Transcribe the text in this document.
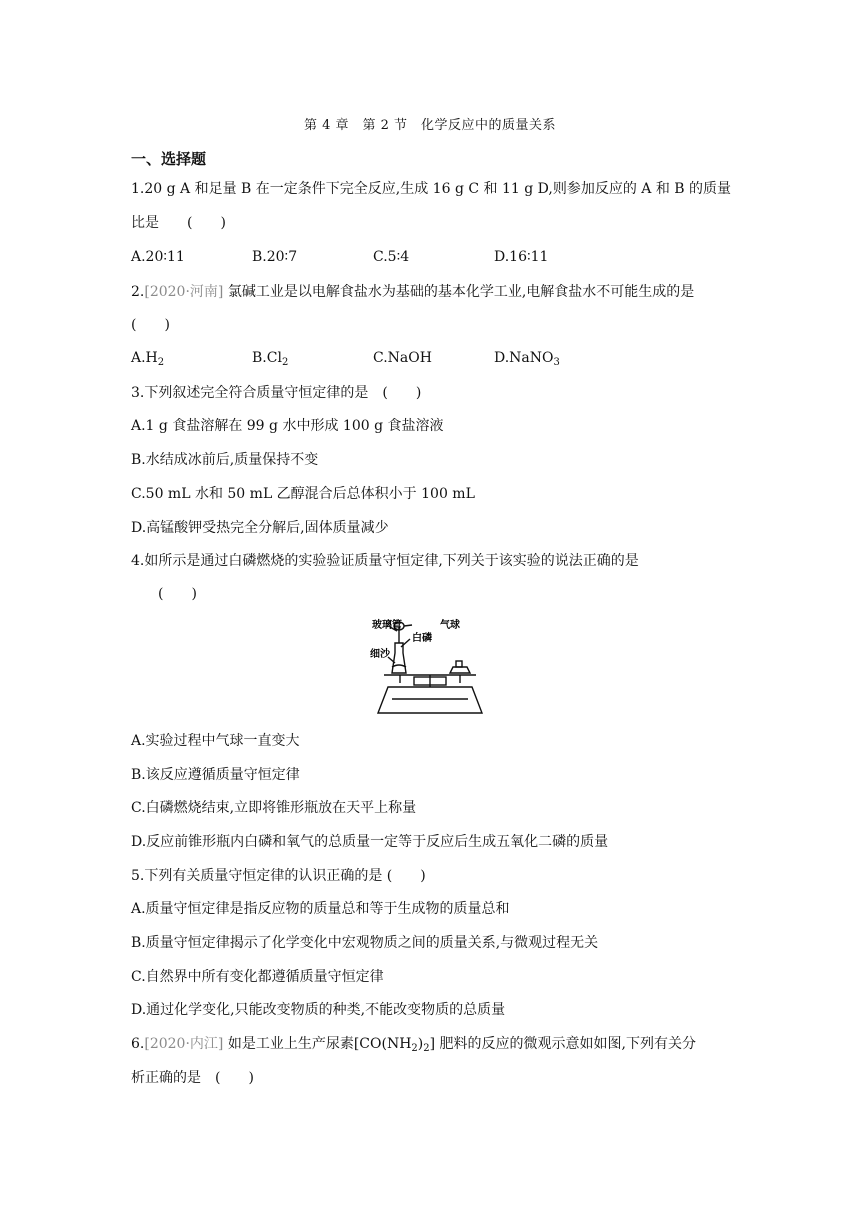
第 4 章　第 2 节　化学反应中的质量关系
一、选择题
1.20 g A 和足量 B 在一定条件下完全反应,生成 16 g C 和 11 g D,则参加反应的 A 和 B 的质量
比是　　(　　)
A.20∶11	B.20∶7	C.5∶4	D.16∶11
2.[2020·河南] 氯碱工业是以电解食盐水为基础的基本化学工业,电解食盐水不可能生成的是
(　　)
$A.H_2$	$B.Cl_2$	C.NaOH	D.NaNO$_3$
3.下列叙述完全符合质量守恒定律的是　(　　)
A.1 g 食盐溶解在 99 g 水中形成 100 g 食盐溶液
B.水结成冰前后,质量保持不变
C.50 mL 水和 50 mL 乙醇混合后总体积小于 100 mL
D.高锰酸钾受热完全分解后,固体质量减少
4.如所示是通过白磷燃烧的实验验证质量守恒定律,下列关于该实验的说法正确的是
(　　)
玻璃管	气球
白磷
细沙
A.实验过程中气球一直变大
B.该反应遵循质量守恒定律
C.白磷燃烧结束,立即将锥形瓶放在天平上称量
D.反应前锥形瓶内白磷和氧气的总质量一定等于反应后生成五氧化二磷的质量
5.下列有关质量守恒定律的认识正确的是 (　　)
A.质量守恒定律是指反应物的质量总和等于生成物的质量总和
B.质量守恒定律揭示了化学变化中宏观物质之间的质量关系,与微观过程无关
C.自然界中所有变化都遵循质量守恒定律
D.通过化学变化,只能改变物质的种类,不能改变物质的总质量
6.[2020·内江] 如是工业上生产尿素$[CO(NH_2)_2]$ 肥料的反应的微观示意如如图,下列有关分
析正确的是　(　　)
